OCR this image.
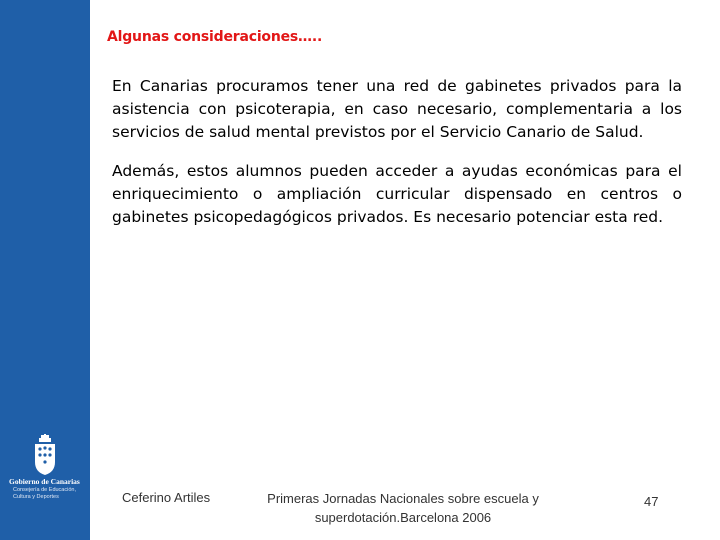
Gobierno de Canarias
Consejería de Educación, Cultura y Deportes
Algunas consideraciones…..

En Canarias procuramos tener una red de gabinetes privados para la asistencia con psicoterapia, en caso necesario, complementaria a los servicios de salud mental previstos por el Servicio Canario de Salud.

Además, estos alumnos pueden acceder a ayudas económicas para el enriquecimiento o ampliación curricular dispensado en centros o gabinetes psicopedagógicos privados. Es necesario potenciar esta red.

Ceferino Artiles	Primeras Jornadas Nacionales sobre escuela y superdotación.Barcelona 2006
47
